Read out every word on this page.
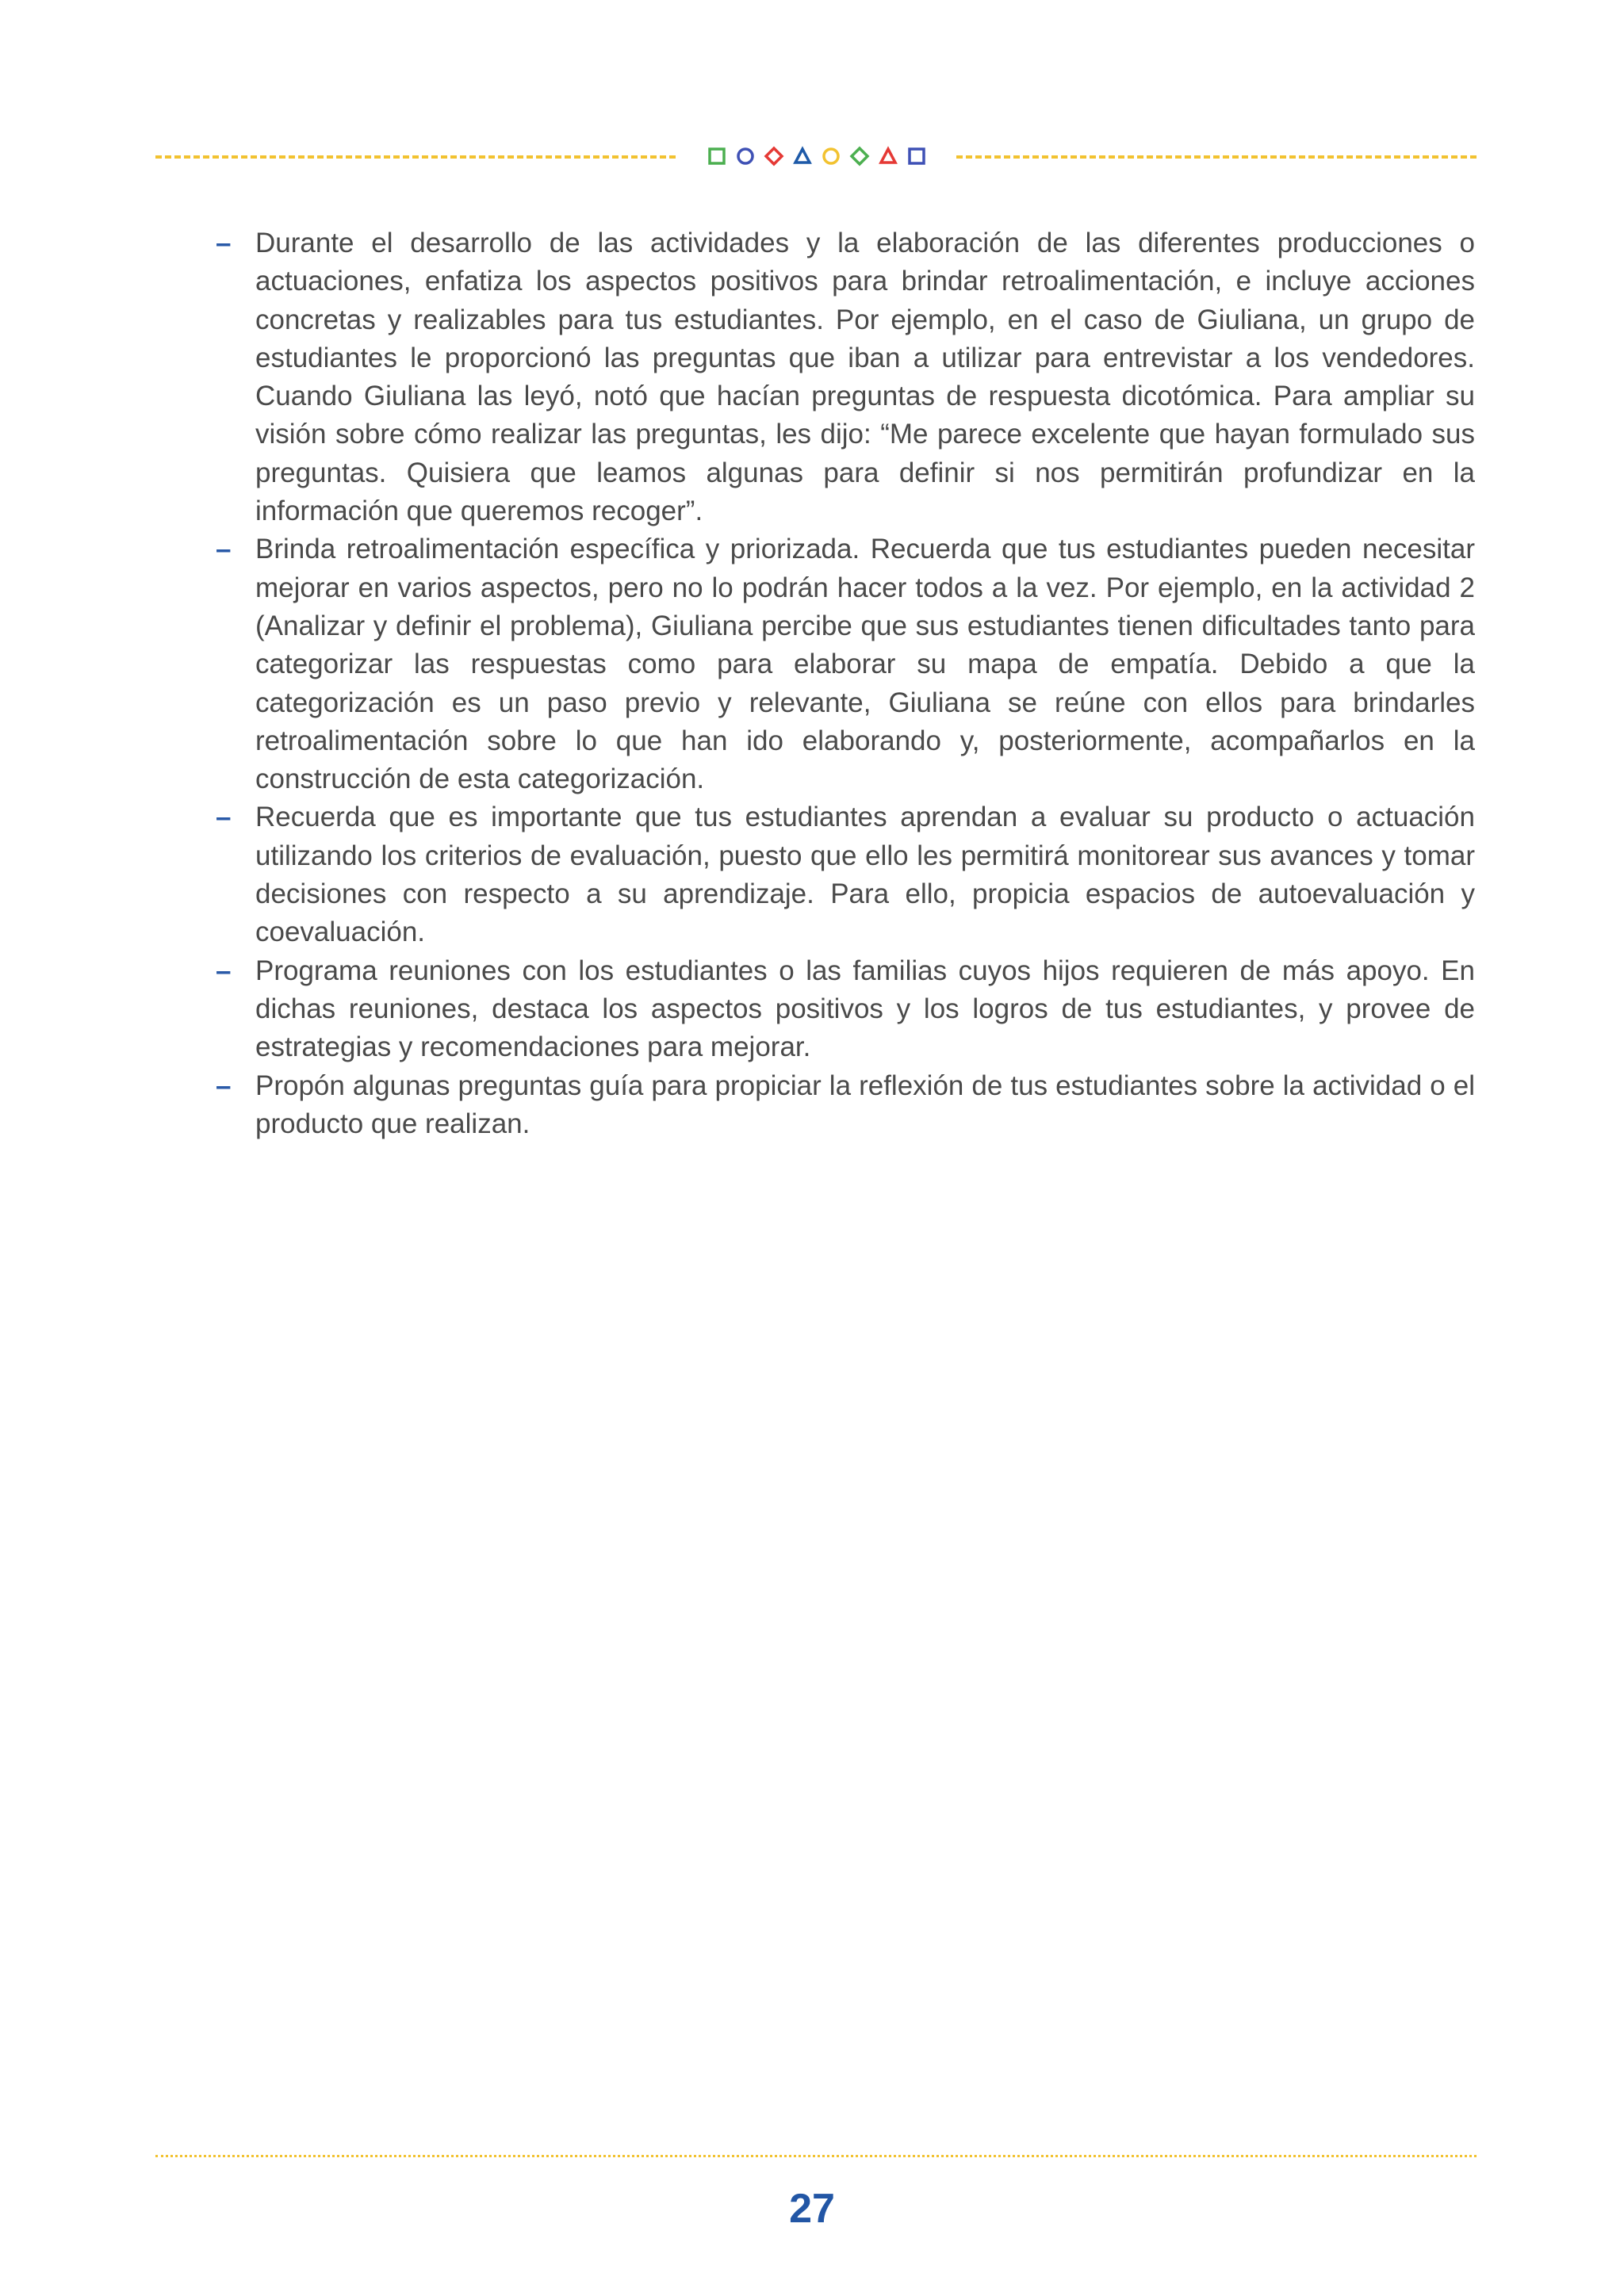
– Durante el desarrollo de las actividades y la elaboración de las diferentes producciones o actuaciones, enfatiza los aspectos positivos para brindar retroalimentación, e incluye acciones concretas y realizables para tus estudiantes. Por ejemplo, en el caso de Giuliana, un grupo de estudiantes le proporcionó las preguntas que iban a utilizar para entrevistar a los vendedores. Cuando Giuliana las leyó, notó que hacían preguntas de respuesta dicotómica. Para ampliar su visión sobre cómo realizar las preguntas, les dijo: “Me parece excelente que hayan formulado sus preguntas. Quisiera que leamos algunas para definir si nos permitirán profundizar en la información que queremos recoger”.
– Brinda retroalimentación específica y priorizada. Recuerda que tus estudiantes pueden necesitar mejorar en varios aspectos, pero no lo podrán hacer todos a la vez. Por ejemplo, en la actividad 2 (Analizar y definir el problema), Giuliana percibe que sus estudiantes tienen dificultades tanto para categorizar las respuestas como para elaborar su mapa de empatía. Debido a que la categorización es un paso previo y relevante, Giuliana se reúne con ellos para brindarles retroalimentación sobre lo que han ido elaborando y, posteriormente, acompañarlos en la construcción de esta categorización.
– Recuerda que es importante que tus estudiantes aprendan a evaluar su producto o actuación utilizando los criterios de evaluación, puesto que ello les permitirá monitorear sus avances y tomar decisiones con respecto a su aprendizaje. Para ello, propicia espacios de autoevaluación y coevaluación.
– Programa reuniones con los estudiantes o las familias cuyos hijos requieren de más apoyo. En dichas reuniones, destaca los aspectos positivos y los logros de tus estudiantes, y provee de estrategias y recomendaciones para mejorar.
– Propón algunas preguntas guía para propiciar la reflexión de tus estudiantes sobre la actividad o el producto que realizan.
27
